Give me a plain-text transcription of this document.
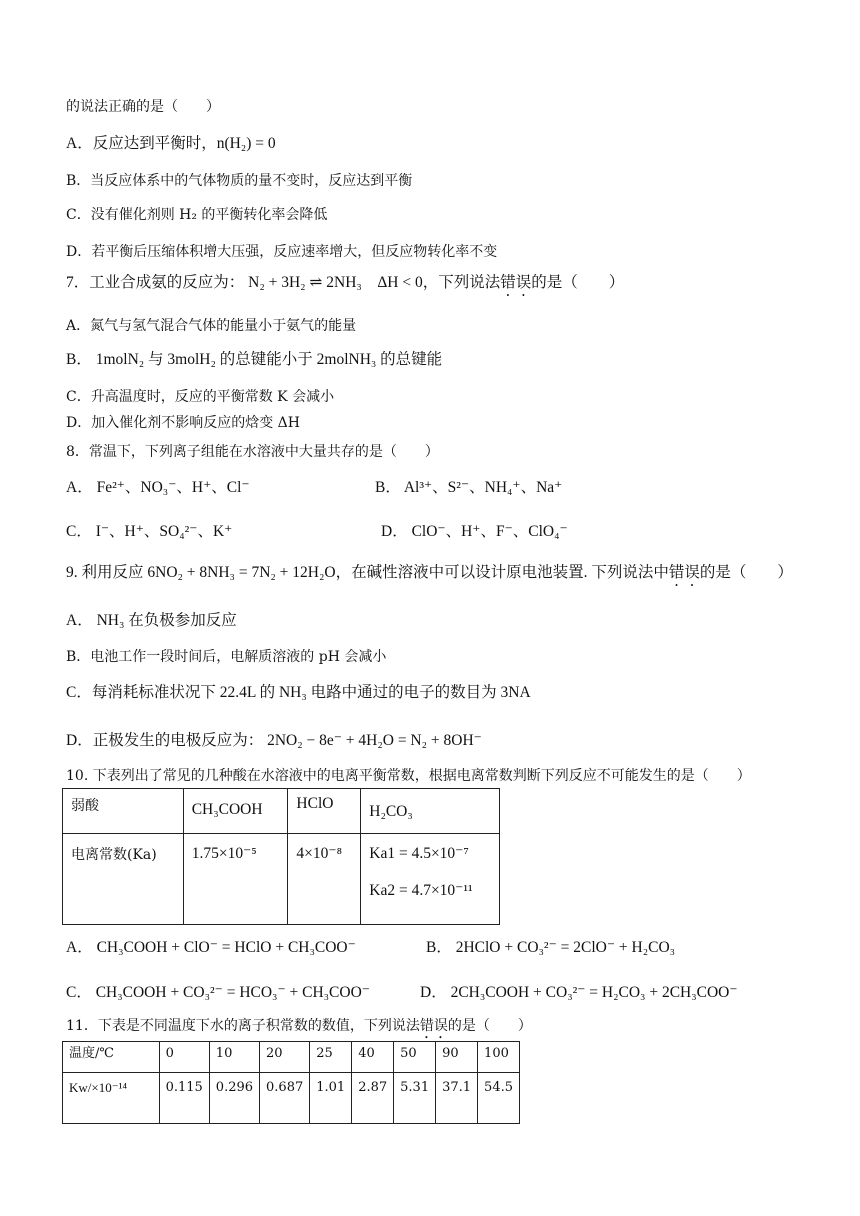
的说法正确的是（　　）
A．反应达到平衡时，n(H₂) = 0
B．当反应体系中的气体物质的量不变时，反应达到平衡
C．没有催化剂则 H₂ 的平衡转化率会降低
D．若平衡后压缩体积增大压强，反应速率增大，但反应物转化率不变
7．工业合成氨的反应为： N₂ + 3H₂ ⇌ 2NH₃　ΔH < 0，下列说法错误的是（　　）
A．氮气与氢气混合气体的能量小于氨气的能量
B． 1molN₂ 与 3molH₂ 的总键能小于 2molNH₃ 的总键能
C．升高温度时，反应的平衡常数 K 会减小
D．加入催化剂不影响反应的焓变 ΔH
8．常温下，下列离子组能在水溶液中大量共存的是（　　）
A． Fe²⁺、NO₃⁻、H⁺、Cl⁻	B． Al³⁺、S²⁻、NH₄⁺、Na⁺
C． I⁻、H⁺、SO₄²⁻、K⁺	D． ClO⁻、H⁺、F⁻、ClO₄⁻
9. 利用反应 6NO₂ + 8NH₃ = 7N₂ + 12H₂O，在碱性溶液中可以设计原电池装置. 下列说法中错误的是（　　）
A． NH₃ 在负极参加反应
B．电池工作一段时间后，电解质溶液的 pH 会减小
C．每消耗标准状况下 22.4L 的 NH₃ 电路中通过的电子的数目为 3NA
D．正极发生的电极反应为： 2NO₂ − 8e⁻ + 4H₂O = N₂ + 8OH⁻
10. 下表列出了常见的几种酸在水溶液中的电离平衡常数，根据电离常数判断下列反应不可能发生的是（　　）
弱酸	CH₃COOH	HClO	H₂CO₃

电离常数(Ka)	1.75×10⁻⁵	4×10⁻⁸	Ka1 = 4.5×10⁻⁷
Ka2 = 4.7×10⁻¹¹
A． CH₃COOH + ClO⁻ = HClO + CH₃COO⁻	B． 2HClO + CO₃²⁻ = 2ClO⁻ + H₂CO₃
C． CH₃COOH + CO₃²⁻ = HCO₃⁻ + CH₃COO⁻	D． 2CH₃COOH + CO₃²⁻ = H₂CO₃ + 2CH₃COO⁻
11．下表是不同温度下水的离子积常数的数值，下列说法错误的是（　　）
温度/℃	0	10	20	25	40	50	90	100
Kw/×10⁻¹⁴	0.115	0.296	0.687	1.01	2.87	5.31	37.1	54.5
